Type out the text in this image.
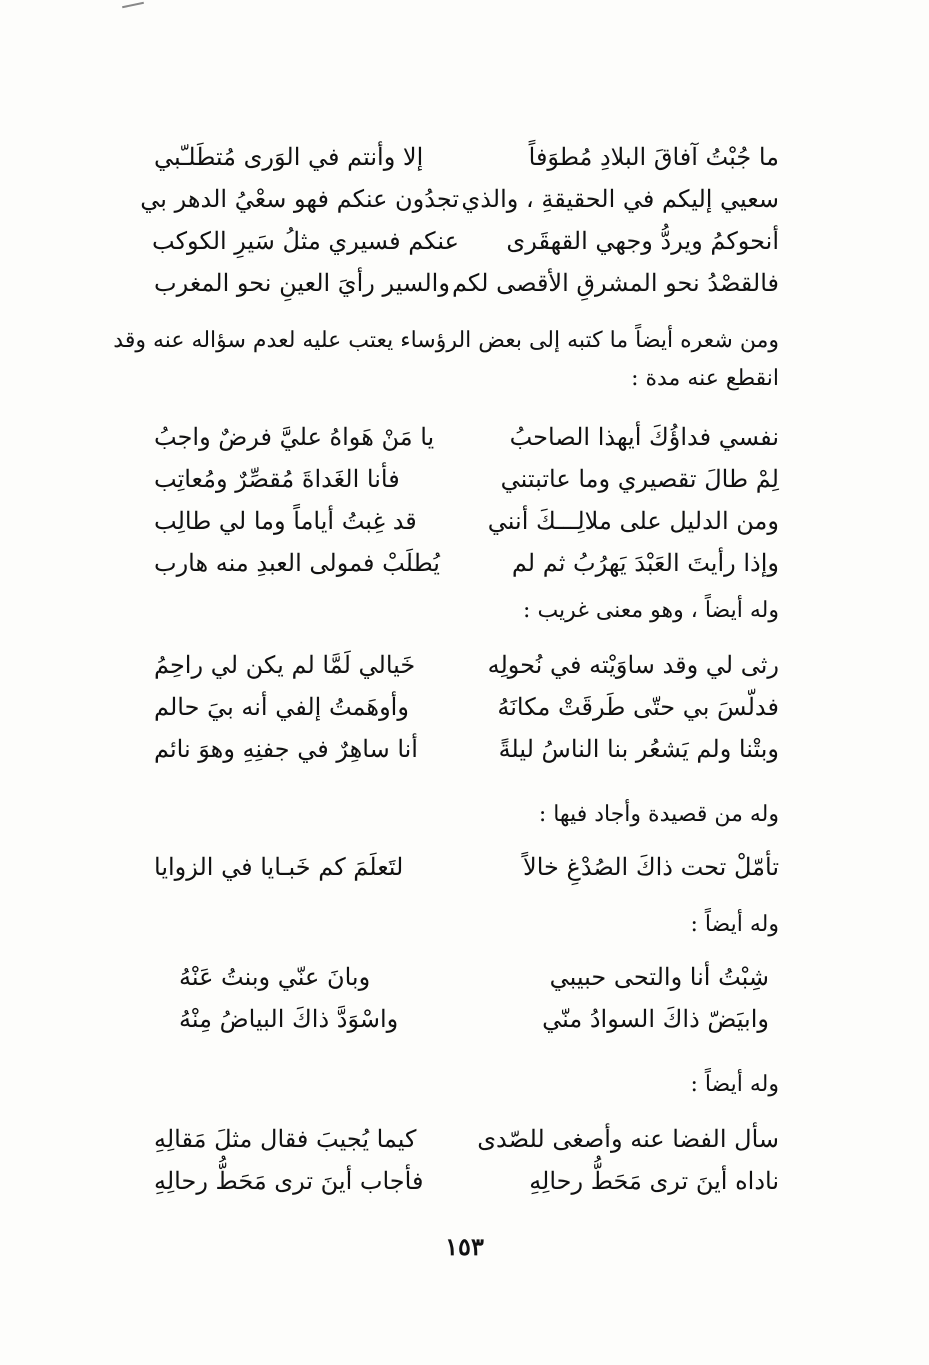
ما جُبْتُ آفاقَ البلادِ مُطوَفاً
إلا وأنتم في الوَرى مُتطَلـّبي
سعيي إليكم في الحقيقةِ ، والذي
تجدُون عنكم فهو سعْيُ الدهر بي
أنحوكمُ ويردُّ وجهي القهقَرى
عنكم فسيري مثلُ سَيرِ الكوكب
فالقصْدُ نحو المشرقِ الأقصى لكم
والسير رأيَ العينِ نحو المغرب
ومن شعره أيضاً ما كتبه إلى بعض الرؤساء يعتب عليه لعدم سؤاله عنه وقد انقطع عنه مدة :
نفسي فداؤُكَ أيهذا الصاحبُ
يا مَنْ هَواهُ عليَّ فرضٌ واجبُ
لِمْ طالَ تقصيري وما عاتبتني
فأنا الغَداةَ مُقصِّرٌ ومُعاتِب
ومن الدليل على ملالِـــكَ أنني
قد غِبتُ أياماً وما لي طالِب
وإذا رأيتَ العَبْدَ يَهرُبُ ثم لم
يُطلَبْ فمولى العبدِ منه هارب
وله أيضاً ، وهو معنى غريب :
رثى لي وقد ساوَيْته في نُحولِه
خَيالي لَمَّا لم يكن لي راحِمُ
فدلّسَ بي حتّى طَرقَتْ مكانَهُ
وأوهَمتُ إلفي أنه بيَ حالم
وبتْنا ولم يَشعُر بنا الناسُ ليلةً
أنا ساهِرٌ في جفنِهِ وهوَ نائم
وله من قصيدة وأجاد فيها :
تأمّلْ تحت ذاكَ الصُدْغِ خالاً
لتَعلَمَ كم خَبـايا في الزوايا
وله أيضاً :
شِبْتُ أنا والتحى حبيبي
وبانَ عنّي وبنتُ عَنْهُ
وابيَضّ ذاكَ السوادُ منّي
واسْوَدَّ ذاكَ البياضُ مِنْهُ
وله أيضاً :
سأل الفضا عنه وأصغى للصّدى
كيما يُجيبَ فقال مثلَ مَقالِهِ
ناداه أينَ ترى مَحَطُّ رحالِهِ
فأجاب أينَ ترى مَحَطُّ رحالِهِ
١٥٣
